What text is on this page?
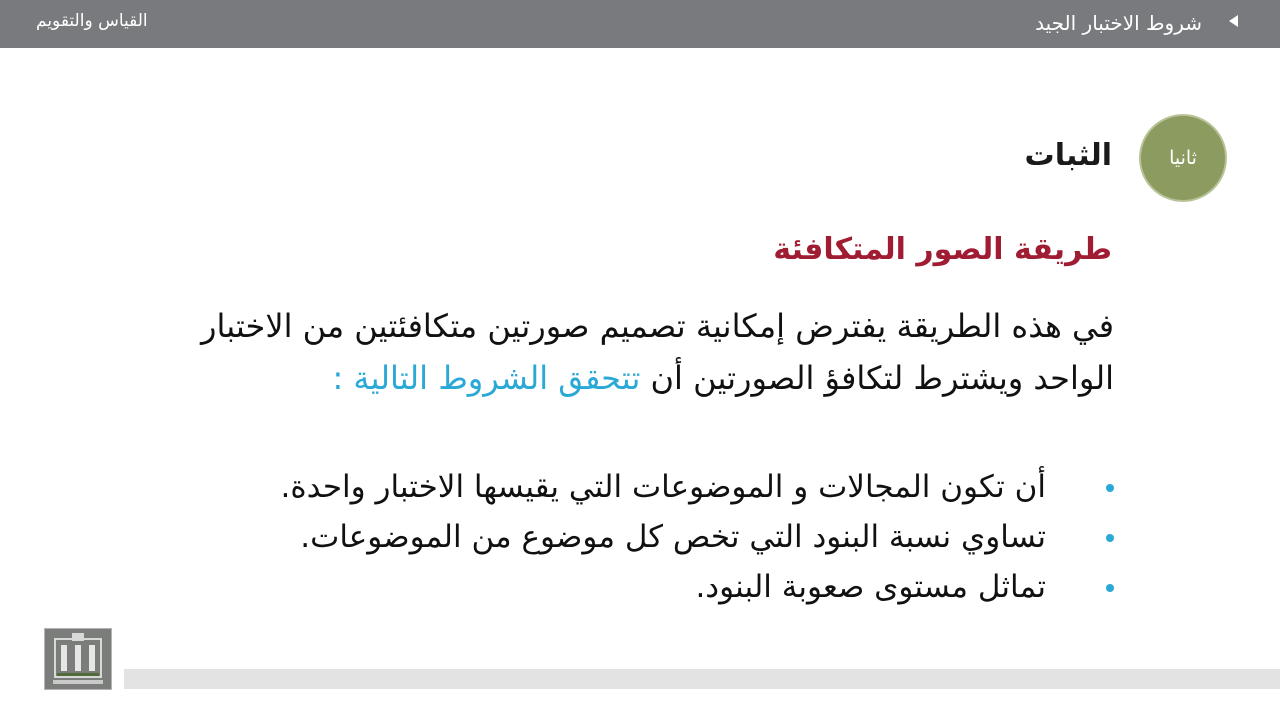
شروط الاختبار الجيد
القياس والتقويم
ثانيا
الثبات
طريقة الصور المتكافئة
في هذه الطريقة يفترض إمكانية تصميم صورتين متكافئتين من الاختبار الواحد ويشترط لتكافؤ الصورتين أن تتحقق الشروط التالية :
أن تكون المجالات و الموضوعات التي يقيسها الاختبار واحدة.
تساوي نسبة البنود التي تخص كل موضوع من الموضوعات.
تماثل مستوى صعوبة البنود.
